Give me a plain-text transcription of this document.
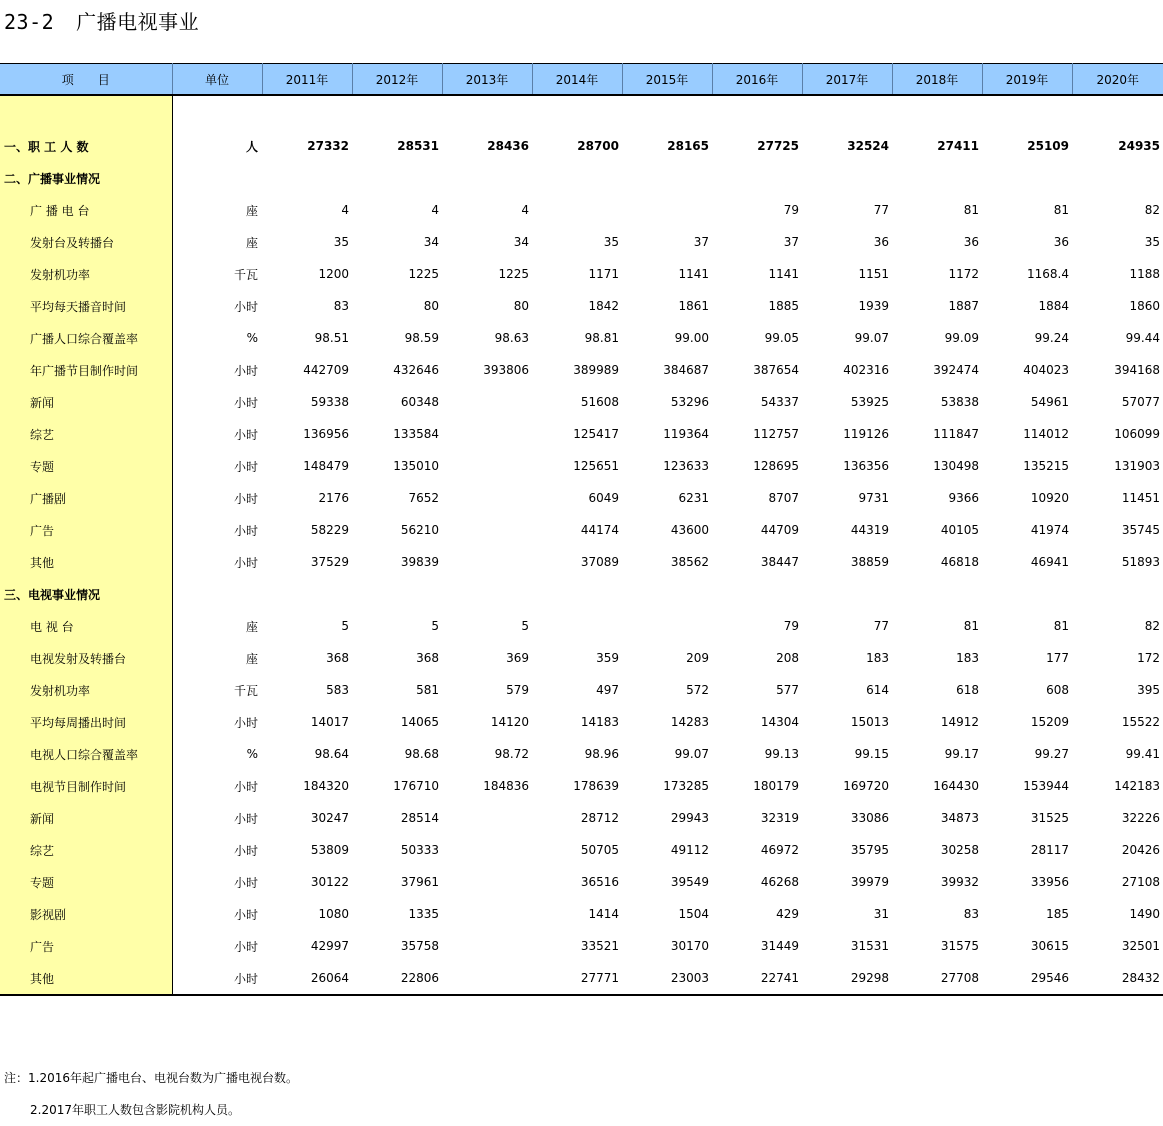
23-2 广播电视事业
项　　目	单位	2011年	2012年	2013年	2014年	2015年	2016年	2017年	2018年	2019年	2020年

一、职 工 人 数	人	27332	28531	28436	28700	28165	27725	32524	27411	25109	24935
二、广播事业情况											
广 播 电 台	座	4	4	4			79	77	81	81	82
发射台及转播台	座	35	34	34	35	37	37	36	36	36	35
发射机功率	千瓦	1200	1225	1225	1171	1141	1141	1151	1172	1168.4	1188
平均每天播音时间	小时	83	80	80	1842	1861	1885	1939	1887	1884	1860
广播人口综合覆盖率	%	98.51	98.59	98.63	98.81	99.00	99.05	99.07	99.09	99.24	99.44
年广播节目制作时间	小时	442709	432646	393806	389989	384687	387654	402316	392474	404023	394168
新闻	小时	59338	60348		51608	53296	54337	53925	53838	54961	57077
综艺	小时	136956	133584		125417	119364	112757	119126	111847	114012	106099
专题	小时	148479	135010		125651	123633	128695	136356	130498	135215	131903
广播剧	小时	2176	7652		6049	6231	8707	9731	9366	10920	11451
广告	小时	58229	56210		44174	43600	44709	44319	40105	41974	35745
其他	小时	37529	39839		37089	38562	38447	38859	46818	46941	51893
三、电视事业情况											
电 视 台	座	5	5	5			79	77	81	81	82
电视发射及转播台	座	368	368	369	359	209	208	183	183	177	172
发射机功率	千瓦	583	581	579	497	572	577	614	618	608	395
平均每周播出时间	小时	14017	14065	14120	14183	14283	14304	15013	14912	15209	15522
电视人口综合覆盖率	%	98.64	98.68	98.72	98.96	99.07	99.13	99.15	99.17	99.27	99.41
电视节目制作时间	小时	184320	176710	184836	178639	173285	180179	169720	164430	153944	142183
新闻	小时	30247	28514		28712	29943	32319	33086	34873	31525	32226
综艺	小时	53809	50333		50705	49112	46972	35795	30258	28117	20426
专题	小时	30122	37961		36516	39549	46268	39979	39932	33956	27108
影视剧	小时	1080	1335		1414	1504	429	31	83	185	1490
广告	小时	42997	35758		33521	30170	31449	31531	31575	30615	32501
其他	小时	26064	22806		27771	23003	22741	29298	27708	29546	28432
注：1.2016年起广播电台、电视台数为广播电视台数。
2.2017年职工人数包含影院机构人员。
